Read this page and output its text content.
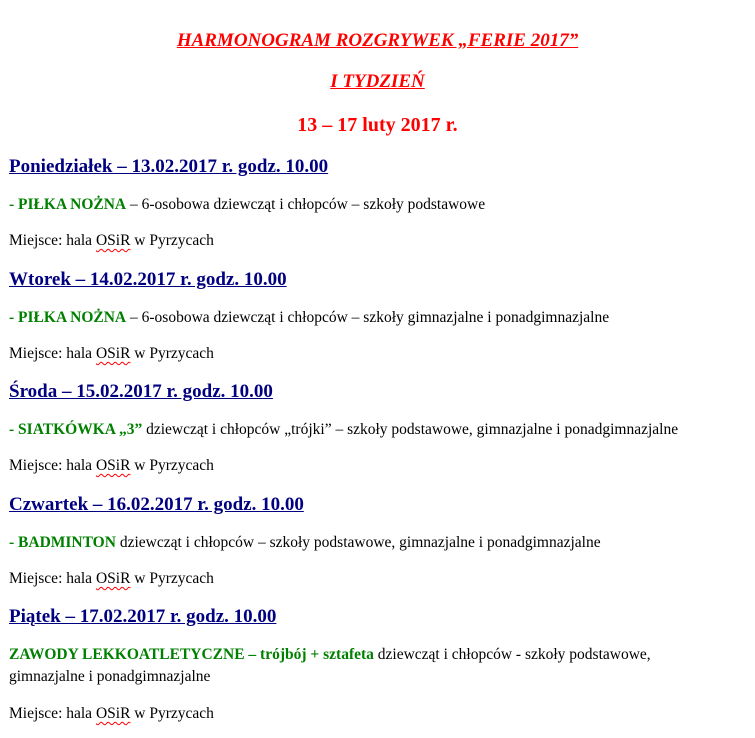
HARMONOGRAM ROZGRYWEK „FERIE 2017”
I TYDZIEŃ
13 – 17 luty 2017 r.
Poniedziałek – 13.02.2017 r. godz. 10.00
- PIŁKA NOŻNA – 6-osobowa dziewcząt i chłopców – szkoły podstawowe
Miejsce: hala OSiR w Pyrzycach
Wtorek – 14.02.2017 r. godz. 10.00
- PIŁKA NOŻNA – 6-osobowa dziewcząt i chłopców – szkoły gimnazjalne i ponadgimnazjalne
Miejsce: hala OSiR w Pyrzycach
Środa – 15.02.2017 r. godz. 10.00
- SIATKÓWKA „3” dziewcząt i chłopców „trójki” – szkoły podstawowe, gimnazjalne i ponadgimnazjalne
Miejsce: hala OSiR w Pyrzycach
Czwartek – 16.02.2017 r. godz. 10.00
- BADMINTON dziewcząt i chłopców – szkoły podstawowe, gimnazjalne i ponadgimnazjalne
Miejsce: hala OSiR w Pyrzycach
Piątek – 17.02.2017 r. godz. 10.00
ZAWODY LEKKOATLETYCZNE – trójbój + sztafeta dziewcząt i chłopców - szkoły podstawowe,
gimnazjalne i ponadgimnazjalne
Miejsce: hala OSiR w Pyrzycach
